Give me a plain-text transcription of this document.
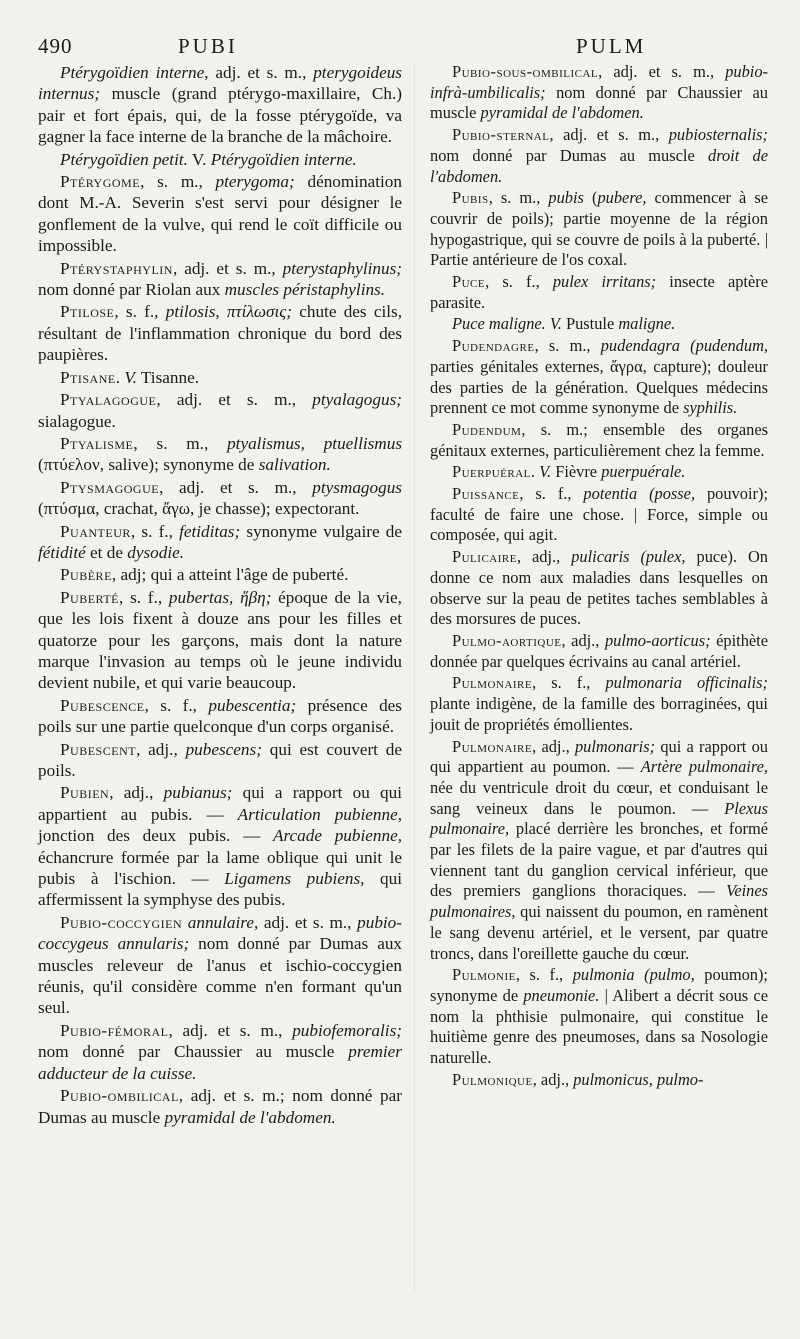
490	PUBI	PULM

Ptérygoïdien interne, adj. et s. m., pterygoideus internus; muscle (grand ptérygo-maxillaire, Ch.) pair et fort épais, qui, de la fosse ptérygoïde, va gagner la face interne de la branche de la mâchoire.

Ptérygoïdien petit. V. Ptérygoïdien interne.

Ptérygome, s. m., pterygoma; dénomination dont M.-A. Severin s'est servi pour désigner le gonflement de la vulve, qui rend le coït difficile ou impossible.

Ptérystaphylin, adj. et s. m., pterystaphylinus; nom donné par Riolan aux muscles péristaphylins.

Ptilose, s. f., ptilosis, πτίλωσις; chute des cils, résultant de l'inflammation chronique du bord des paupières.

Ptisane. V. Tisanne.

Ptyalagogue, adj. et s. m., ptyalagogus; sialagogue.

Ptyalisme, s. m., ptyalismus, ptuellismus (πτύελον, salive); synonyme de salivation.

Ptysmagogue, adj. et s. m., ptysmagogus (πτύσμα, crachat, ἄγω, je chasse); expectorant.

Puanteur, s. f., fetiditas; synonyme vulgaire de fétidité et de dysodie.

Pubère, adj; qui a atteint l'âge de puberté.

Puberté, s. f., pubertas, ἥβη; époque de la vie, que les lois fixent à douze ans pour les filles et quatorze pour les garçons, mais dont la nature marque l'invasion au temps où le jeune individu devient nubile, et qui varie beaucoup.

Pubescence, s. f., pubescentia; présence des poils sur une partie quelconque d'un corps organisé.

Pubescent, adj., pubescens; qui est couvert de poils.

Pubien, adj., pubianus; qui a rapport ou qui appartient au pubis. — Articulation pubienne, jonction des deux pubis. — Arcade pubienne, échancrure formée par la lame oblique qui unit le pubis à l'ischion. — Ligamens pubiens, qui affermissent la symphyse des pubis.

Pubio-coccygien annulaire, adj. et s. m., pubio-coccygeus annularis; nom donné par Dumas aux muscles releveur de l'anus et ischio-coccygien réunis, qu'il considère comme n'en formant qu'un seul.

Pubio-fémoral, adj. et s. m., pubiofemoralis; nom donné par Chaussier au muscle premier adducteur de la cuisse.

Pubio-ombilical, adj. et s. m.; nom donné par Dumas au muscle pyramidal de l'abdomen.

Pubio-sous-ombilical, adj. et s. m., pubio-infrà-umbilicalis; nom donné par Chaussier au muscle pyramidal de l'abdomen.

Pubio-sternal, adj. et s. m., pubiosternalis; nom donné par Dumas au muscle droit de l'abdomen.

Pubis, s. m., pubis (pubere, commencer à se couvrir de poils); partie moyenne de la région hypogastrique, qui se couvre de poils à la puberté. | Partie antérieure de l'os coxal.

Puce, s. f., pulex irritans; insecte aptère parasite.

Puce maligne. V. Pustule maligne.

Pudendagre, s. m., pudendagra (pudendum, parties génitales externes, ἄγρα, capture); douleur des parties de la génération. Quelques médecins prennent ce mot comme synonyme de syphilis.

Pudendum, s. m.; ensemble des organes génitaux externes, particulièrement chez la femme.

Puerpuéral. V. Fièvre puerpuérale.

Puissance, s. f., potentia (posse, pouvoir); faculté de faire une chose. | Force, simple ou composée, qui agit.

Pulicaire, adj., pulicaris (pulex, puce). On donne ce nom aux maladies dans lesquelles on observe sur la peau de petites taches semblables à des morsures de puces.

Pulmo-aortique, adj., pulmo-aorticus; épithète donnée par quelques écrivains au canal artériel.

Pulmonaire, s. f., pulmonaria officinalis; plante indigène, de la famille des borraginées, qui jouit de propriétés émollientes.

Pulmonaire, adj., pulmonaris; qui a rapport ou qui appartient au poumon. — Artère pulmonaire, née du ventricule droit du cœur, et conduisant le sang veineux dans le poumon. — Plexus pulmonaire, placé derrière les bronches, et formé par les filets de la paire vague, et par d'autres qui viennent tant du ganglion cervical inférieur, que des premiers ganglions thoraciques. — Veines pulmonaires, qui naissent du poumon, en ramènent le sang devenu artériel, et le versent, par quatre troncs, dans l'oreillette gauche du cœur.

Pulmonie, s. f., pulmonia (pulmo, poumon); synonyme de pneumonie. | Alibert a décrit sous ce nom la phthisie pulmonaire, qui constitue le huitième genre des pneumoses, dans sa Nosologie naturelle.

Pulmonique, adj., pulmonicus, pulmo-
